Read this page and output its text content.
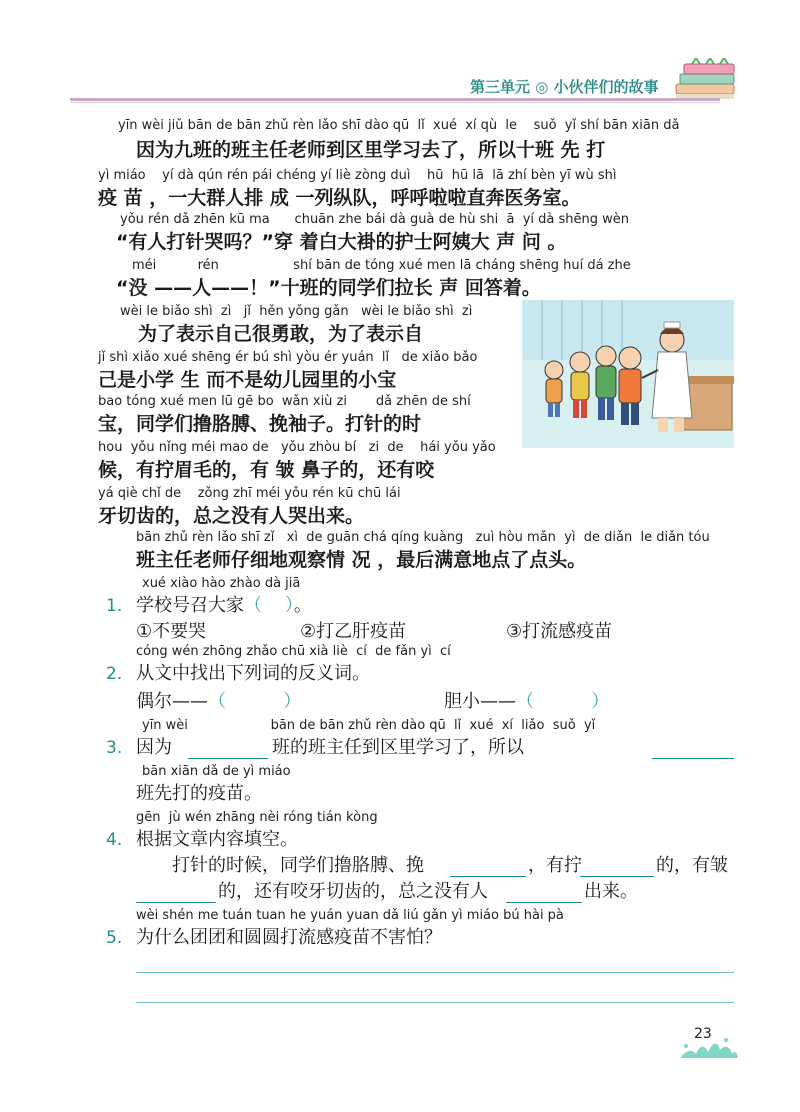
第三单元 ◎ 小伙伴们的故事
yīn wèi jiǔ bān de bān zhǔ rèn lǎo shī dào qū  lǐ  xué  xí qù  le    suǒ  yǐ shí bān xiān dǎ
因为九班的班主任老师到区里学习去了，所以十班 先 打
yì miáo    yí dà qún rén pái chéng yí liè zòng duì    hū  hū lā  lā zhí bèn yī wù shì
疫 苗 ，一大群人排 成 一列纵队，呼呼啦啦直奔医务室。
yǒu rén dǎ zhēn kū ma      chuān zhe bái dà guà de hù shi  ā  yí dà shēng wèn
“有人打针哭吗？”穿 着白大褂的护士阿姨大 声 问 。
méi          rén                  shí bān de tóng xué men lā cháng shēng huí dá zhe
“没 ——人——！”十班的同学们拉长 声 回答着。
wèi le biǎo shì  zì   jǐ  hěn yǒng gǎn   wèi le biǎo shì  zì
为了表示自己很勇敢，为了表示自
jǐ shì xiǎo xué shēng ér bú shì yòu ér yuán  lǐ   de xiǎo bǎo
己是小学 生 而不是幼儿园里的小宝
bao tóng xué men lū gē bo  wǎn xiù zi       dǎ zhēn de shí
宝，同学们撸胳膊、挽袖子。打针的时
hou  yǒu nǐng méi mao de   yǒu zhòu bí   zi  de    hái yǒu yǎo
候，有拧眉毛的，有 皱 鼻子的，还有咬
yá qiè chǐ de    zǒng zhī méi yǒu rén kū chū lái
牙切齿的，总之没有人哭出来。
bān zhǔ rèn lǎo shī zǐ   xì  de guān chá qíng kuàng   zuì hòu mǎn  yì  de diǎn  le diǎn tóu
班主任老师仔细地观察情 况 ，最后满意地点了点头。
xué xiào hào zhào dà jiā
1. 学校号召大家（    ）。
①不要哭	②打乙肝疫苗	③打流感疫苗
cóng wén zhōng zhǎo chū xià liè  cí  de fǎn yì  cí
2. 从文中找出下列词的反义词。
偶尔——（          ）	胆小——（          ）
yīn wèi                    bān de bān zhǔ rèn dào qū  lǐ  xué  xí  liǎo  suǒ  yǐ
3. 因为	班的班主任到区里学习了，所以
bān xiān dǎ de yì miáo
班先打的疫苗。
gēn  jù wén zhāng nèi róng tián kòng
4. 根据文章内容填空。
打针的时候，同学们撸胳膊、挽	，有拧	的，有皱
的，还有咬牙切齿的，总之没有人	出来。
wèi shén me tuán tuan he yuán yuan dǎ liú gǎn yì miáo bú hài pà
5. 为什么团团和圆圆打流感疫苗不害怕？
23
